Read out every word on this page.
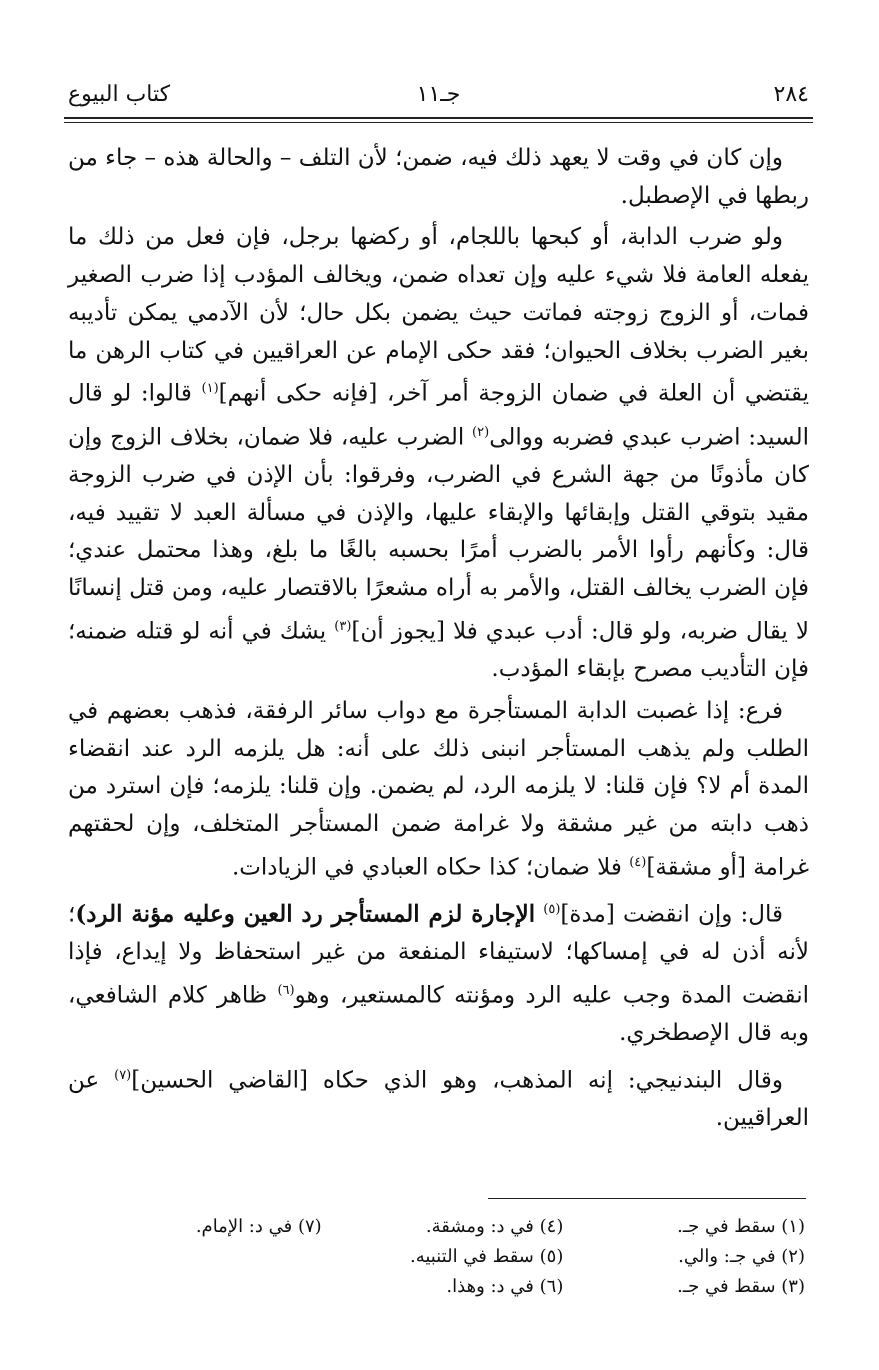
٢٨٤
جـ١١
كتاب البيوع

وإن كان في وقت لا يعهد ذلك فيه، ضمن؛ لأن التلف – والحالة هذه – جاء من ربطها في الإصطبل.

ولو ضرب الدابة، أو كبحها باللجام، أو ركضها برجل، فإن فعل من ذلك ما يفعله العامة فلا شيء عليه وإن تعداه ضمن، ويخالف المؤدب إذا ضرب الصغير فمات، أو الزوج زوجته فماتت حيث يضمن بكل حال؛ لأن الآدمي يمكن تأديبه بغير الضرب بخلاف الحيوان؛ فقد حكى الإمام عن العراقيين في كتاب الرهن ما يقتضي أن العلة في ضمان الزوجة أمر آخر، [فإنه حكى أنهم]$^{(١)}$ قالوا: لو قال السيد: اضرب عبدي فضربه ووالى$^{(٢)}$ الضرب عليه، فلا ضمان، بخلاف الزوج وإن كان مأذونًا من جهة الشرع في الضرب، وفرقوا: بأن الإذن في ضرب الزوجة مقيد بتوقي القتل وإبقائها والإبقاء عليها، والإذن في مسألة العبد لا تقييد فيه، قال: وكأنهم رأوا الأمر بالضرب أمرًا بحسبه بالغًا ما بلغ، وهذا محتمل عندي؛ فإن الضرب يخالف القتل، والأمر به أراه مشعرًا بالاقتصار عليه، ومن قتل إنسانًا لا يقال ضربه، ولو قال: أدب عبدي فلا [يجوز أن]$^{(٣)}$ يشك في أنه لو قتله ضمنه؛ فإن التأديب مصرح بإبقاء المؤدب.

فرع: إذا غصبت الدابة المستأجرة مع دواب سائر الرفقة، فذهب بعضهم في الطلب ولم يذهب المستأجر انبنى ذلك على أنه: هل يلزمه الرد عند انقضاء المدة أم لا؟ فإن قلنا: لا يلزمه الرد، لم يضمن. وإن قلنا: يلزمه؛ فإن استرد من ذهب دابته من غير مشقة ولا غرامة ضمن المستأجر المتخلف، وإن لحقتهم غرامة [أو مشقة]$^{(٤)}$ فلا ضمان؛ كذا حكاه العبادي في الزيادات.

قال: وإن انقضت [مدة]$^{(٥)}$ الإجارة لزم المستأجر رد العين وعليه مؤنة الرد)؛ لأنه أذن له في إمساكها؛ لاستيفاء المنفعة من غير استحفاظ ولا إيداع، فإذا انقضت المدة وجب عليه الرد ومؤنته كالمستعير، وهو$^{(٦)}$ ظاهر كلام الشافعي، وبه قال الإصطخري.

وقال البندنيجي: إنه المذهب، وهو الذي حكاه [القاضي الحسين]$^{(٧)}$ عن العراقيين.

(١) سقط في جـ.
(٤) في د: ومشقة.
(٧) في د: الإمام.
(٢) في جـ: والي.
(٥) سقط في التنبيه.
(٣) سقط في جـ.
(٦) في د: وهذا.
